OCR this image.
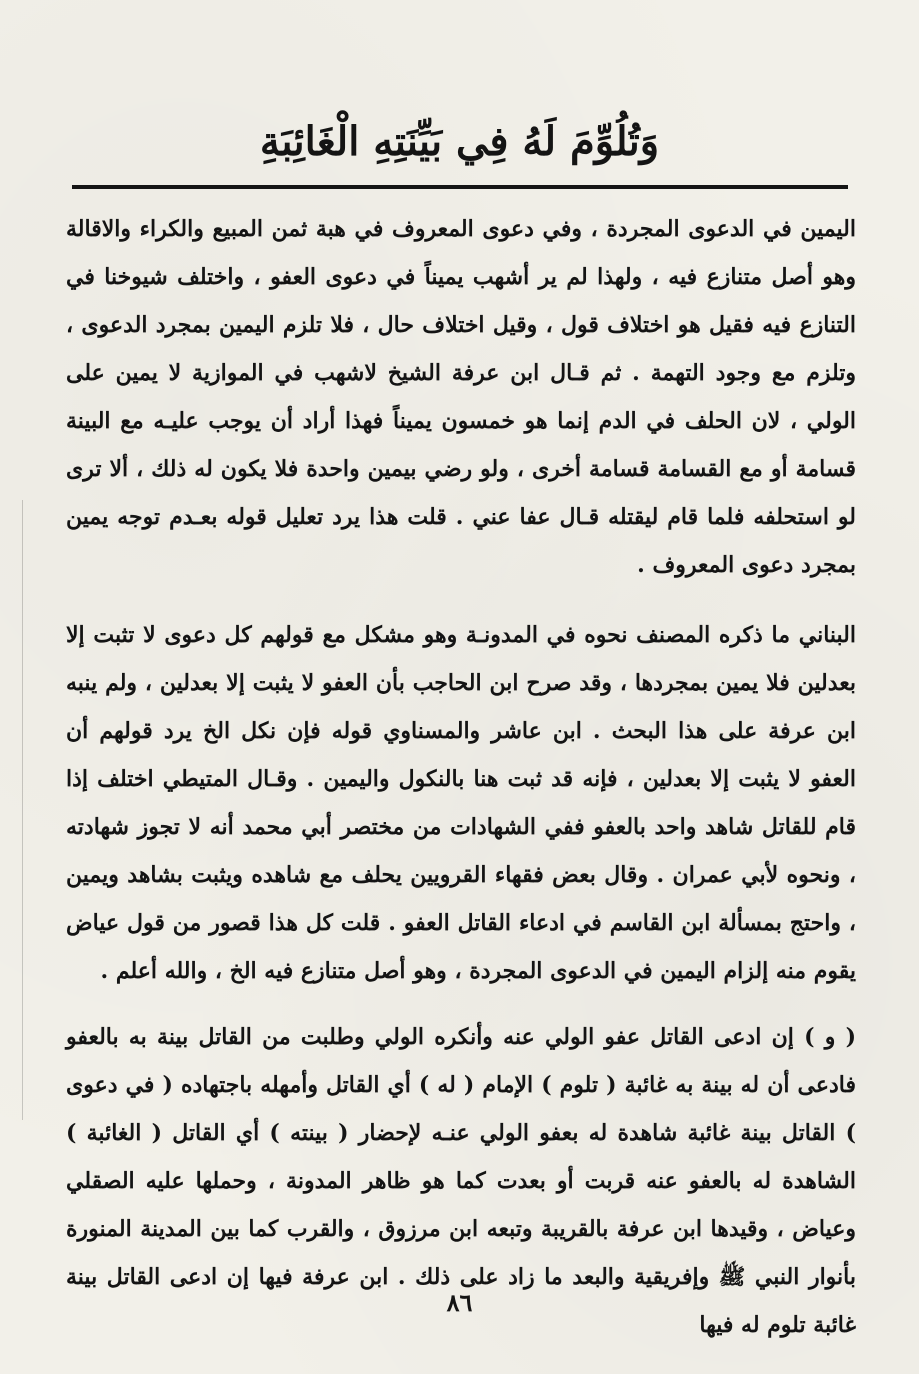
وَتُلُوِّمَ لَهُ فِي بَيِّنَتِهِ الْغَائِبَةِ

اليمين في الدعوى المجردة ، وفي دعوى المعروف في هبة ثمن المبيع والكراء والاقالة وهو أصل متنازع فيه ، ولهذا لم ير أشهب يميناً في دعوى العفو ، واختلف شيوخنا في التنازع فيه فقيل هو اختلاف قول ، وقيل اختلاف حال ، فلا تلزم اليمين بمجرد الدعوى ، وتلزم مع وجود التهمة . ثم قـال ابن عرفة الشيخ لاشهب في الموازية لا يمين على الولي ، لان الحلف في الدم إنما هو خمسون يميناً فهذا أراد أن يوجب عليـه مع البينة قسامة أو مع القسامة قسامة أخرى ، ولو رضي بيمين واحدة فلا يكون له ذلك ، ألا ترى لو استحلفه فلما قام ليقتله قـال عفا عني . قلت هذا يرد تعليل قوله بعـدم توجه يمين بمجرد دعوى المعروف .

البناني ما ذكره المصنف نحوه في المدونـة وهو مشكل مع قولهم كل دعوى لا تثبت إلا بعدلين فلا يمين بمجردها ، وقد صرح ابن الحاجب بأن العفو لا يثبت إلا بعدلين ، ولم ينبه ابن عرفة على هذا البحث . ابن عاشر والمسناوي قوله فإن نكل الخ يرد قولهم أن العفو لا يثبت إلا بعدلين ، فإنه قد ثبت هنا بالنكول واليمين . وقـال المتيطي اختلف إذا قام للقاتل شاهد واحد بالعفو ففي الشهادات من مختصر أبي محمد أنه لا تجوز شهادته ، ونحوه لأبي عمران . وقال بعض فقهاء القرويين يحلف مع شاهده ويثبت بشاهد ويمين ، واحتج بمسألة ابن القاسم في ادعاء القاتل العفو . قلت كل هذا قصور من قول عياض يقوم منه إلزام اليمين في الدعوى المجردة ، وهو أصل متنازع فيه الخ ، والله أعلم .

( و ) إن ادعى القاتل عفو الولي عنه وأنكره الولي وطلبت من القاتل بينة به بالعفو فادعى أن له بينة به غائبة ( تلوم ) الإمام ( له ) أي القاتل وأمهله باجتهاده ( في دعوى ) القاتل بينة غائبة شاهدة له بعفو الولي عنـه لإحضار ( بينته ) أي القاتل ( الغائبة ) الشاهدة له بالعفو عنه قربت أو بعدت كما هو ظاهر المدونة ، وحملها عليه الصقلي وعياض ، وقيدها ابن عرفة بالقريبة وتبعه ابن مرزوق ، والقرب كما بين المدينة المنورة بأنوار النبي ﷺ وإفريقية والبعد ما زاد على ذلك . ابن عرفة فيها إن ادعى القاتل بينة غائبة تلوم له فيها

٨٦
